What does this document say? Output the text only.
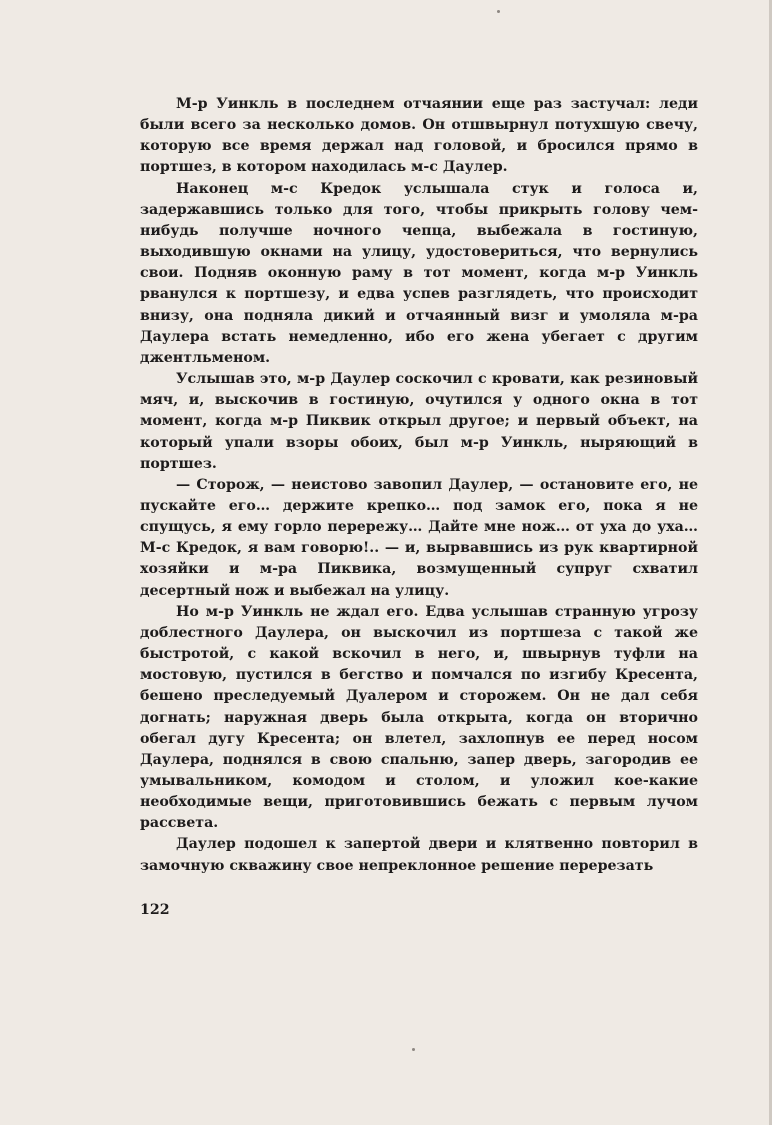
М-р Уинкль в последнем отчаянии еще раз застучал: леди были всего за несколько домов. Он отшвырнул потухшую свечу, которую все время держал над головой, и бросился прямо в портшез, в котором находилась м-с Даулер.

Наконец м-с Кредок услышала стук и голоса и, задержавшись только для того, чтобы прикрыть голову чем-нибудь получше ночного чепца, выбежала в гостиную, выходившую окнами на улицу, удостовериться, что вернулись свои. Подняв оконную раму в тот момент, когда м-р Уинкль рванулся к портшезу, и едва успев разглядеть, что происходит внизу, она подняла дикий и отчаянный визг и умоляла м-ра Даулера встать немедленно, ибо его жена убегает с другим джентльменом.

Услышав это, м-р Даулер соскочил с кровати, как резиновый мяч, и, выскочив в гостиную, очутился у одного окна в тот момент, когда м-р Пиквик открыл другое; и первый объект, на который упали взоры обоих, был м-р Уинкль, ныряющий в портшез.

— Сторож, — неистово завопил Даулер, — остановите его, не пускайте его… держите крепко… под замок его, пока я не спущусь, я ему горло перережу… Дайте мне нож… от уха до уха… М-с Кредок, я вам говорю!.. — и, вырвавшись из рук квартирной хозяйки и м-ра Пиквика, возмущенный супруг схватил десертный нож и выбежал на улицу.

Но м-р Уинкль не ждал его. Едва услышав странную угрозу доблестного Даулера, он выскочил из портшеза с такой же быстротой, с какой вскочил в него, и, швырнув туфли на мостовую, пустился в бегство и помчался по изгибу Кресента, бешено преследуемый Дуалером и сторожем. Он не дал себя догнать; наружная дверь была открыта, когда он вторично обегал дугу Кресента; он влетел, захлопнув ее перед носом Даулера, поднялся в свою спальню, запер дверь, загородив ее умывальником, комодом и столом, и уложил кое-какие необходимые вещи, приготовившись бежать с первым лучом рассвета.

Даулер подошел к запертой двери и клятвенно повторил в замочную скважину свое непреклонное решение перерезать

122
